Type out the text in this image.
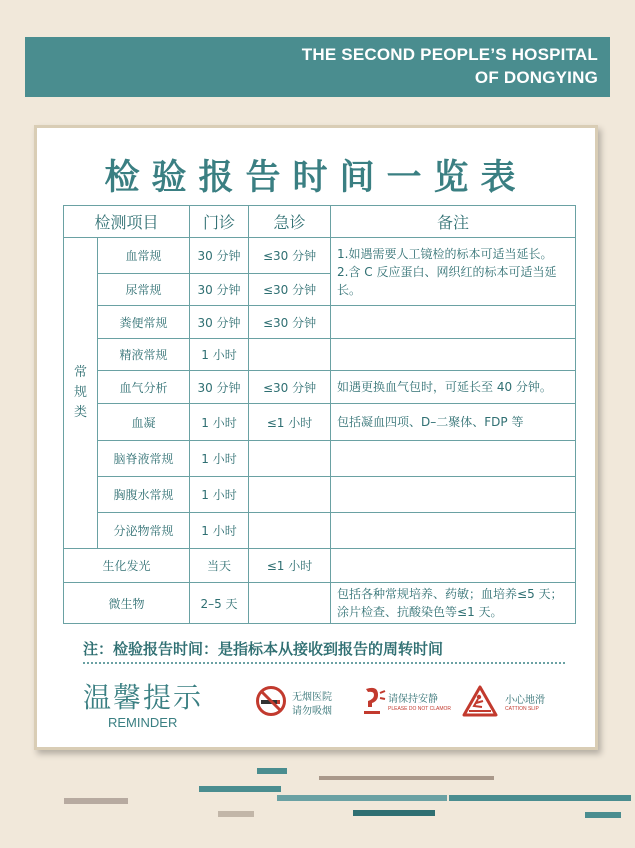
THE SECOND PEOPLE’S HOSPITAL
OF DONGYING
检验报告时间一览表
检测项目		门诊	急诊	备注
常规类	血常规	30 分钟	≤30 分钟	1.如遇需要人工镜检的标本可适当延长。
2.含 C 反应蛋白、网织红的标本可适当延长。

	尿常规	30 分钟	≤30 分钟	
	粪便常规	30 分钟	≤30 分钟	
	精液常规	1 小时		
	血气分析	30 分钟	≤30 分钟	如遇更换血气包时，可延长至 40 分钟。
	血凝	1 小时	≤1 小时	包括凝血四项、D–二聚体、FDP 等
	脑脊液常规	1 小时		
	胸腹水常规	1 小时		
	分泌物常规	1 小时		
生化发光		当天	≤1 小时	
微生物		2–5 天		包括各种常规培养、药敏；血培养≤5 天；涂片检查、抗酸染色等≤1 天。
注：检验报告时间：是指标本从接收到报告的周转时间
温馨提示
REMINDER
无烟医院
请勿吸烟
请保持安静
PLEASE DO NOT CLAMOR
小心地滑
CATTION SLIP
